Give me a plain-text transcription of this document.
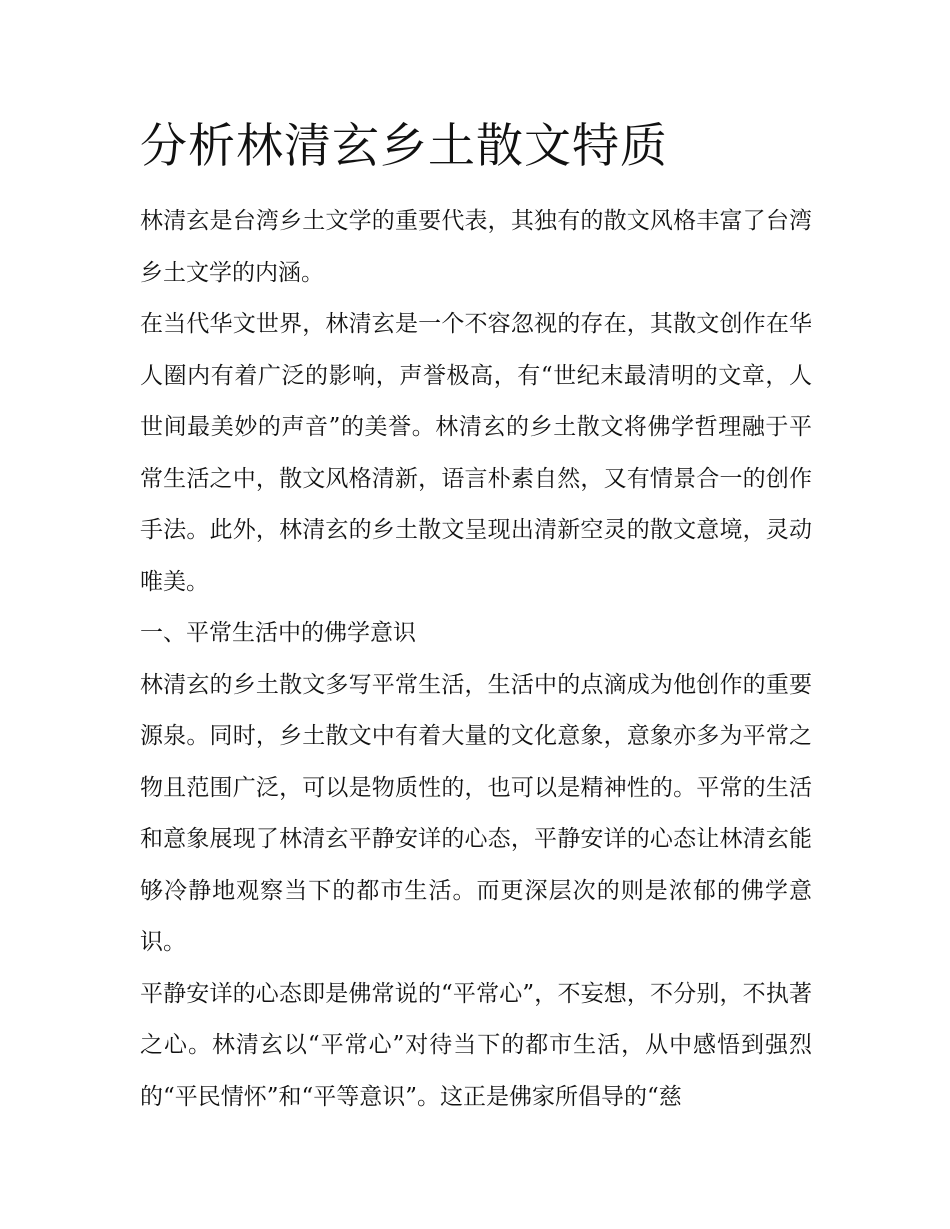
分析林清玄乡土散文特质

林清玄是台湾乡土文学的重要代表，其独有的散文风格丰富了台湾乡土文学的内涵。

在当代华文世界，林清玄是一个不容忽视的存在，其散文创作在华人圈内有着广泛的影响，声誉极高，有“世纪末最清明的文章，人世间最美妙的声音”的美誉。林清玄的乡土散文将佛学哲理融于平常生活之中，散文风格清新，语言朴素自然，又有情景合一的创作手法。此外，林清玄的乡土散文呈现出清新空灵的散文意境，灵动唯美。

一、平常生活中的佛学意识

林清玄的乡土散文多写平常生活，生活中的点滴成为他创作的重要源泉。同时，乡土散文中有着大量的文化意象，意象亦多为平常之物且范围广泛，可以是物质性的，也可以是精神性的。平常的生活和意象展现了林清玄平静安详的心态，平静安详的心态让林清玄能够冷静地观察当下的都市生活。而更深层次的则是浓郁的佛学意识。

平静安详的心态即是佛常说的“平常心”，不妄想，不分别，不执著之心。林清玄以“平常心”对待当下的都市生活，从中感悟到强烈的“平民情怀”和“平等意识”。这正是佛家所倡导的“慈
